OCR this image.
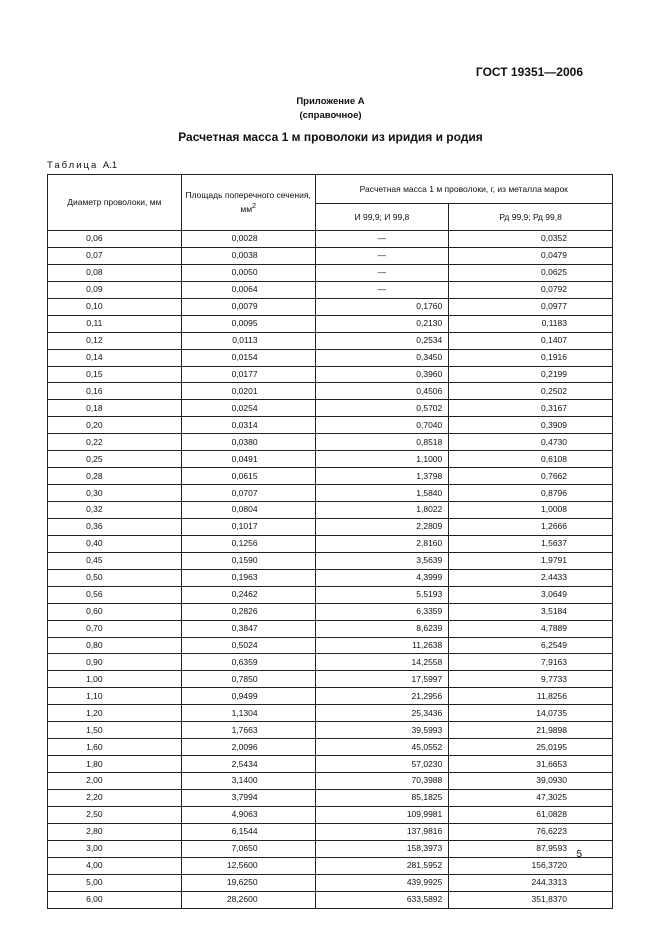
ГОСТ 19351—2006
Приложение А
(справочное)
Расчетная масса 1 м проволоки из иридия и родия
Таблица А.1
Диаметр проволоки, мм	Площадь поперечного сечения, $мм^2$	Расчетная масса 1 м проволоки, г, из металла марок	
		И 99,9; И 99,8	Рд 99,9; Рд 99,8
0,06	0,0028	—	0,0352
0,07	0,0038	—	0,0479
0,08	0,0050	—	0,0625
0,09	0,0064	—	0,0792
0,10	0,0079	0,1760	0,0977
0,11	0,0095	0,2130	0,1183
0,12	0,0113	0,2534	0,1407
0,14	0,0154	0,3450	0,1916
0,15	0,0177	0,3960	0,2199
0,16	0,0201	0,4506	0,2502
0,18	0,0254	0,5702	0,3167
0,20	0,0314	0,7040	0,3909
0,22	0,0380	0,8518	0,4730
0,25	0,0491	1,1000	0,6108
0,28	0,0615	1,3798	0,7662
0,30	0,0707	1,5840	0,8796
0,32	0,0804	1,8022	1,0008
0,36	0,1017	2,2809	1,2666
0,40	0,1256	2,8160	1,5637
0,45	0,1590	3,5639	1,9791
0,50	0,1963	4,3999	2,4433
0,56	0,2462	5,5193	3,0649
0,60	0,2826	6,3359	3,5184
0,70	0,3847	8,6239	4,7889
0,80	0,5024	11,2638	6,2549
0,90	0,6359	14,2558	7,9163
1,00	0,7850	17,5997	9,7733
1,10	0,9499	21,2956	11,8256
1,20	1,1304	25,3436	14,0735
1,50	1,7663	39,5993	21,9898
1,60	2,0096	45,0552	25,0195
1,80	2,5434	57,0230	31,6653
2,00	3,1400	70,3988	39,0930
2,20	3,7994	85,1825	47,3025
2,50	4,9063	109,9981	61,0828
2,80	6,1544	137,9816	76,6223
3,00	7,0650	158,3973	87,9593
4,00	12,5600	281,5952	156,3720
5,00	19,6250	439,9925	244,3313
6,00	28,2600	633,5892	351,8370
5
